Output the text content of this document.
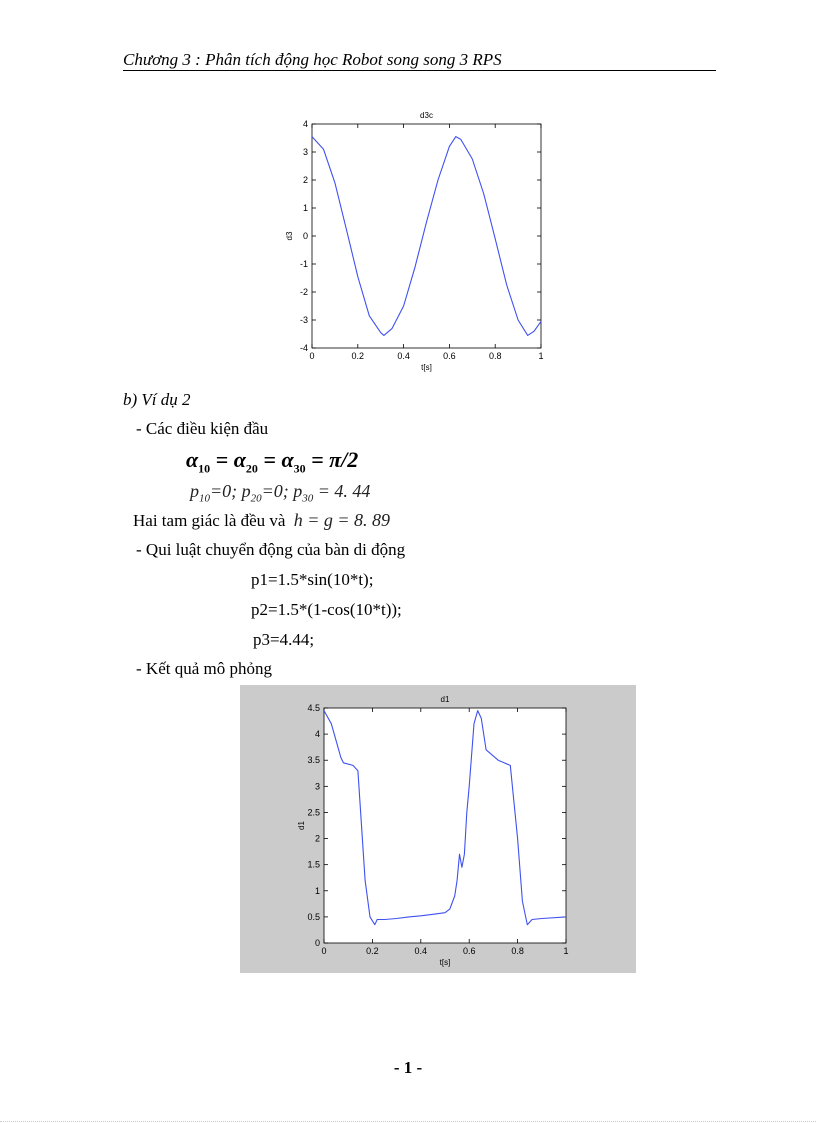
Chương 3 : Phân tích động học Robot song song 3 RPS
0	0.2	0.4	0.6	0.8	1
4
3
2
1
0
-1
-2
-3
-4
d3c
t[s]
d3
b) Ví dụ 2
- Các điều kiện đầu
$\alpha_{10} = \alpha_{20} = \alpha_{30} = \pi/2$
$p_{10}=0$; $p_{20}=0$; $p_{30} = 4$. 44
Hai tam giác là đều và h = g = 8. 89
- Qui luật chuyển động của bàn di động
p1=1.5*sin(10*t);
p2=1.5*(1-cos(10*t));
p3=4.44;
- Kết quả mô phỏng
0	0.2	0.4	0.6	0.8	1
4.5
4
3.5
3
2.5
2
1.5
1
0.5
0
d1
t[s]
d1
- 1 -
